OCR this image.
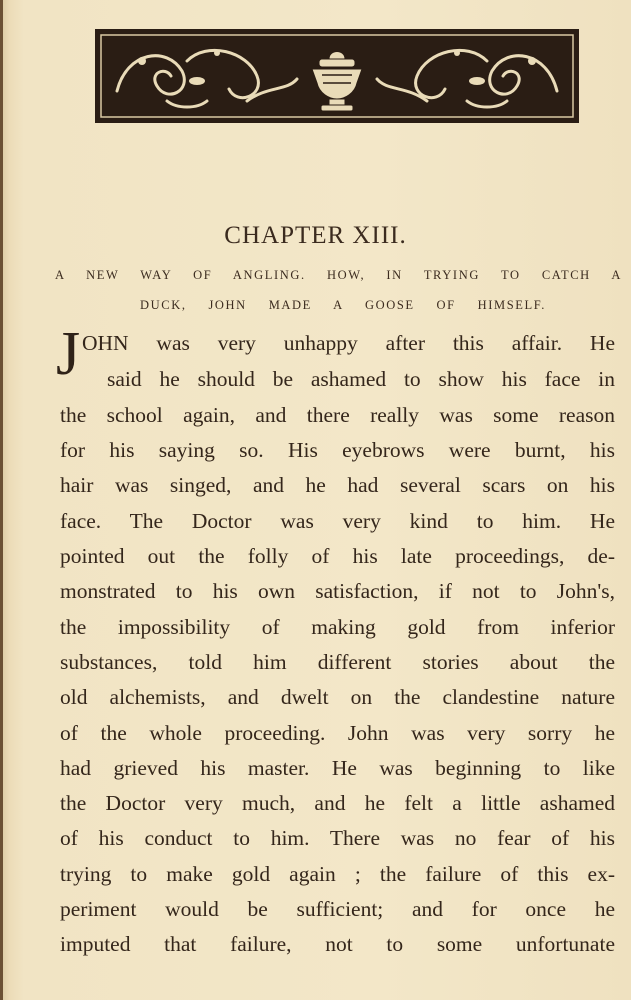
CHAPTER XIII.
A NEW WAY OF ANGLING. HOW, IN TRYING TO CATCH A
DUCK, JOHN MADE A GOOSE OF HIMSELF.
J OHN was very unhappy after this affair. He
said he should be ashamed to show his face in
the school again, and there really was some reason
for his saying so. His eyebrows were burnt, his
hair was singed, and he had several scars on his
face. The Doctor was very kind to him. He
pointed out the folly of his late proceedings, de-
monstrated to his own satisfaction, if not to John's,
the impossibility of making gold from inferior
substances, told him different stories about the
old alchemists, and dwelt on the clandestine nature
of the whole proceeding. John was very sorry he
had grieved his master. He was beginning to like
the Doctor very much, and he felt a little ashamed
of his conduct to him. There was no fear of his
trying to make gold again ; the failure of this ex-
periment would be sufficient; and for once he
imputed that failure, not to some unfortunate
